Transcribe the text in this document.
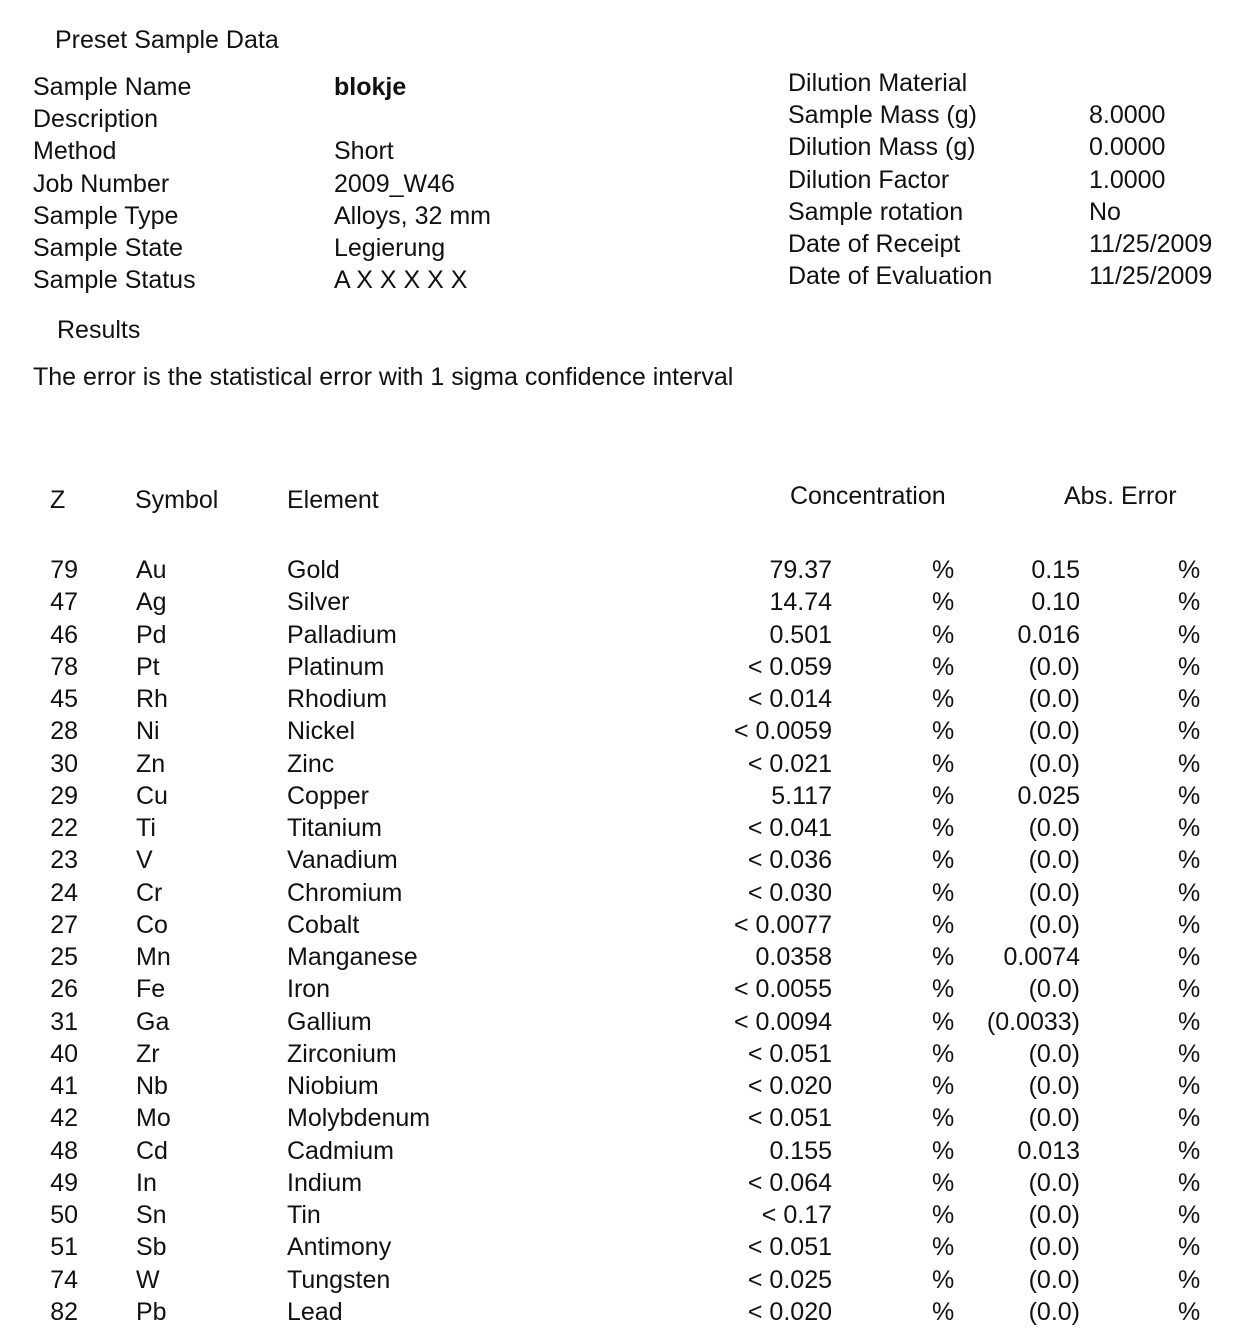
Preset Sample Data
Sample Name	blokje
Description
Method	Short
Job Number	2009_W46
Sample Type	Alloys, 32 mm
Sample State	Legierung
Sample Status	A X X X X X
Dilution Material
Sample Mass (g)	8.0000
Dilution Mass (g)	0.0000
Dilution Factor	1.0000
Sample rotation	No
Date of Receipt	11/25/2009
Date of Evaluation	11/25/2009
Results
The error is the statistical error with 1 sigma confidence interval
Z	Symbol	Element	Concentration	Abs. Error
79 Au	Gold	79.37	%	0.15	%
47 Ag	Silver	14.74	%	0.10	%
46 Pd	Palladium	0.501	%	0.016	%
78 Pt	Platinum	< 0.059	%	(0.0)	%
45 Rh	Rhodium	< 0.014	%	(0.0)	%
28 Ni	Nickel	< 0.0059	%	(0.0)	%
30 Zn	Zinc	< 0.021	%	(0.0)	%
29 Cu	Copper	5.117	%	0.025	%
22 Ti	Titanium	< 0.041	%	(0.0)	%
23 V	Vanadium	< 0.036	%	(0.0)	%
24 Cr	Chromium	< 0.030	%	(0.0)	%
27 Co	Cobalt	< 0.0077	%	(0.0)	%
25 Mn	Manganese	0.0358	%	0.0074	%
26 Fe	Iron	< 0.0055	%	(0.0)	%
31 Ga	Gallium	< 0.0094	%	(0.0033)	%
40 Zr	Zirconium	< 0.051	%	(0.0)	%
41 Nb	Niobium	< 0.020	%	(0.0)	%
42 Mo	Molybdenum	< 0.051	%	(0.0)	%
48 Cd	Cadmium	0.155	%	0.013	%
49 In	Indium	< 0.064	%	(0.0)	%
50 Sn	Tin	< 0.17	%	(0.0)	%
51 Sb	Antimony	< 0.051	%	(0.0)	%
74 W	Tungsten	< 0.025	%	(0.0)	%
82 Pb	Lead	< 0.020	%	(0.0)	%
